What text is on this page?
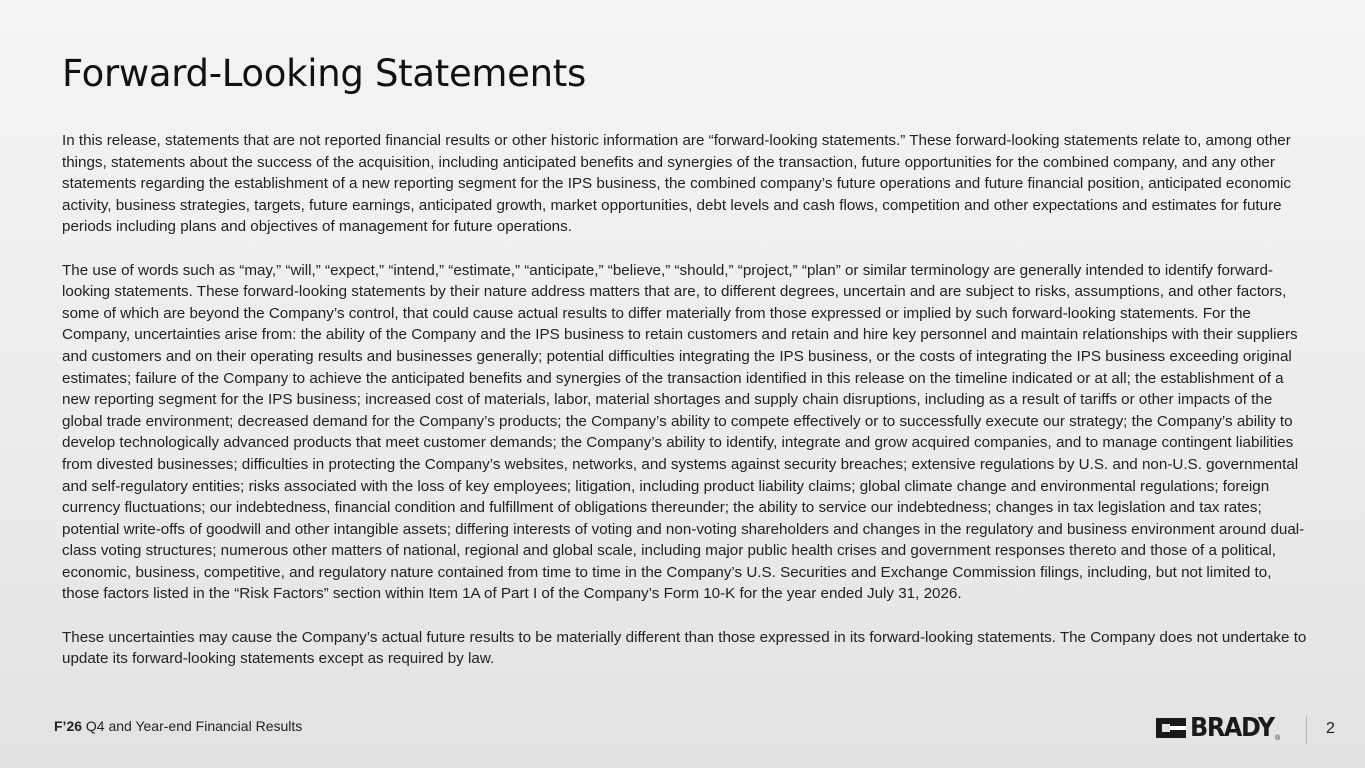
Forward-Looking Statements

In this release, statements that are not reported financial results or other historic information are “forward-looking statements.” These forward-looking statements relate to, among other things, statements about the success of the acquisition, including anticipated benefits and synergies of the transaction, future opportunities for the combined company, and any other statements regarding the establishment of a new reporting segment for the IPS business, the combined company’s future operations and future financial position, anticipated economic activity, business strategies, targets, future earnings, anticipated growth, market opportunities, debt levels and cash flows, competition and other expectations and estimates for future periods including plans and objectives of management for future operations.

The use of words such as “may,” “will,” “expect,” “intend,” “estimate,” “anticipate,” “believe,” “should,” “project,” “plan” or similar terminology are generally intended to identify forward-looking statements. These forward-looking statements by their nature address matters that are, to different degrees, uncertain and are subject to risks, assumptions, and other factors, some of which are beyond the Company’s control, that could cause actual results to differ materially from those expressed or implied by such forward-looking statements. For the Company, uncertainties arise from: the ability of the Company and the IPS business to retain customers and retain and hire key personnel and maintain relationships with their suppliers and customers and on their operating results and businesses generally; potential difficulties integrating the IPS business, or the costs of integrating the IPS business exceeding original estimates; failure of the Company to achieve the anticipated benefits and synergies of the transaction identified in this release on the timeline indicated or at all; the establishment of a new reporting segment for the IPS business; increased cost of materials, labor, material shortages and supply chain disruptions, including as a result of tariffs or other impacts of the global trade environment; decreased demand for the Company’s products; the Company’s ability to compete effectively or to successfully execute our strategy; the Company’s ability to develop technologically advanced products that meet customer demands; the Company’s ability to identify, integrate and grow acquired companies, and to manage contingent liabilities from divested businesses; difficulties in protecting the Company’s websites, networks, and systems against security breaches; extensive regulations by U.S. and non-U.S. governmental and self-regulatory entities; risks associated with the loss of key employees; litigation, including product liability claims; global climate change and environmental regulations; foreign currency fluctuations; our indebtedness, financial condition and fulfillment of obligations thereunder; the ability to service our indebtedness; changes in tax legislation and tax rates; potential write-offs of goodwill and other intangible assets; differing interests of voting and non-voting shareholders and changes in the regulatory and business environment around dual-class voting structures; numerous other matters of national, regional and global scale, including major public health crises and government responses thereto and those of a political, economic, business, competitive, and regulatory nature contained from time to time in the Company’s U.S. Securities and Exchange Commission filings, including, but not limited to, those factors listed in the “Risk Factors” section within Item 1A of Part I of the Company’s Form 10-K for the year ended July 31, 2026.

These uncertainties may cause the Company’s actual future results to be materially different than those expressed in its forward-looking statements. The Company does not undertake to update its forward-looking statements except as required by law.

F’26 Q4 and Year-end Financial Results	BRADY ®
2
